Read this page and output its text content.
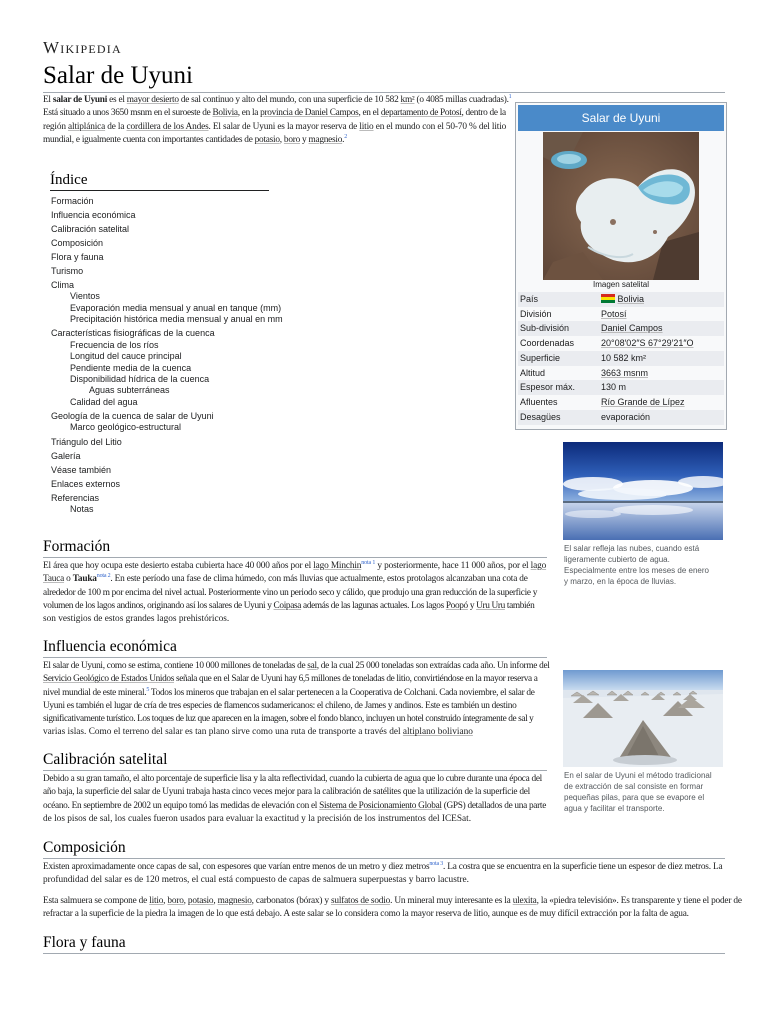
Wikipedia
Salar de Uyuni
El salar de Uyuni es el mayor desierto de sal continuo y alto del mundo, con una superficie de 10 582 km² (o 4085 millas cuadradas).$^1$
Está situado a unos 3650 msnm en el suroeste de Bolivia, en la provincia de Daniel Campos, en el departamento de Potosí, dentro de la
región altiplánica de la cordillera de los Andes. El salar de Uyuni es la mayor reserva de litio en el mundo con el 50-70 % del litio
mundial, e igualmente cuenta con importantes cantidades de potasio, boro y magnesio.$^2$
Índice
Formación
Influencia económica
Calibración satelital
Composición
Flora y fauna
Turismo
Clima
Vientos
Evaporación media mensual y anual en tanque (mm)
Precipitación histórica media mensual y anual en mm
Características fisiográficas de la cuenca
Frecuencia de los ríos
Longitud del cauce principal
Pendiente media de la cuenca
Disponibilidad hídrica de la cuenca
Aguas subterráneas
Calidad del agua
Geología de la cuenca de salar de Uyuni
Marco geológico-estructural
Triángulo del Litio
Galería
Véase también
Enlaces externos
Referencias
Notas
Salar de Uyuni
Imagen satelital
País	Bolivia
División	Potosí
Sub-división	Daniel Campos
Coordenadas	20°08′02″S 67°29′21″O
Superficie	10 582 km²
Altitud	3663 msnm
Espesor máx.	130 m
Afluentes	Río Grande de Lípez
Desagües	evaporación
El salar refleja las nubes, cuando está
ligeramente cubierto de agua.
Especialmente entre los meses de enero
y marzo, en la época de lluvias.
En el salar de Uyuni el método tradicional
de extracción de sal consiste en formar
pequeñas pilas, para que se evapore el
agua y facilitar el transporte.
Formación
El área que hoy ocupa este desierto estaba cubierta hace 40 000 años por el lago Minchin$^{nota 1}$ y posteriormente, hace 11 000 años, por el lago
Tauca o Tauka$^{nota 2}$. En este período una fase de clima húmedo, con más lluvias que actualmente, estos protolagos alcanzaban una cota de
alrededor de 100 m por encima del nivel actual. Posteriormente vino un periodo seco y cálido, que produjo una gran reducción de la superficie y
volumen de los lagos andinos, originando así los salares de Uyuni y Coipasa además de las lagunas actuales. Los lagos Poopó y Uru Uru también
son vestigios de estos grandes lagos prehistóricos.
Influencia económica
El salar de Uyuni, como se estima, contiene 10 000 millones de toneladas de sal, de la cual 25 000 toneladas son extraídas cada año. Un informe del
Servicio Geológico de Estados Unidos señala que en el Salar de Uyuni hay 6,5 millones de toneladas de litio, convirtiéndose en la mayor reserva a
nivel mundial de este mineral.$^5$ Todos los mineros que trabajan en el salar pertenecen a la Cooperativa de Colchani. Cada noviembre, el salar de
Uyuni es también el lugar de cría de tres especies de flamencos sudamericanos: el chileno, de James y andinos. Este es también un destino
significativamente turístico. Los toques de luz que aparecen en la imagen, sobre el fondo blanco, incluyen un hotel construido íntegramente de sal y
varias islas. Como el terreno del salar es tan plano sirve como una ruta de transporte a través del altiplano boliviano
Calibración satelital
Debido a su gran tamaño, el alto porcentaje de superficie lisa y la alta reflectividad, cuando la cubierta de agua que lo cubre durante una época del
año baja, la superficie del salar de Uyuni trabaja hasta cinco veces mejor para la calibración de satélites que la utilización de la superficie del
océano. En septiembre de 2002 un equipo tomó las medidas de elevación con el Sistema de Posicionamiento Global (GPS) detallados de una parte
de los pisos de sal, los cuales fueron usados para evaluar la exactitud y la precisión de los instrumentos del ICESat.
Composición
Existen aproximadamente once capas de sal, con espesores que varían entre menos de un metro y diez metros$^{nota 3}$. La costra que se encuentra en la superficie tiene un espesor de diez metros. La
profundidad del salar es de 120 metros, el cual está compuesto de capas de salmuera superpuestas y barro lacustre.
Esta salmuera se compone de litio, boro, potasio, magnesio, carbonatos (bórax) y sulfatos de sodio. Un mineral muy interesante es la ulexita, la «piedra televisión». Es transparente y tiene el poder de
refractar a la superficie de la piedra la imagen de lo que está debajo. A este salar se lo considera como la mayor reserva de litio, aunque es de muy difícil extracción por la falta de agua.
Flora y fauna
